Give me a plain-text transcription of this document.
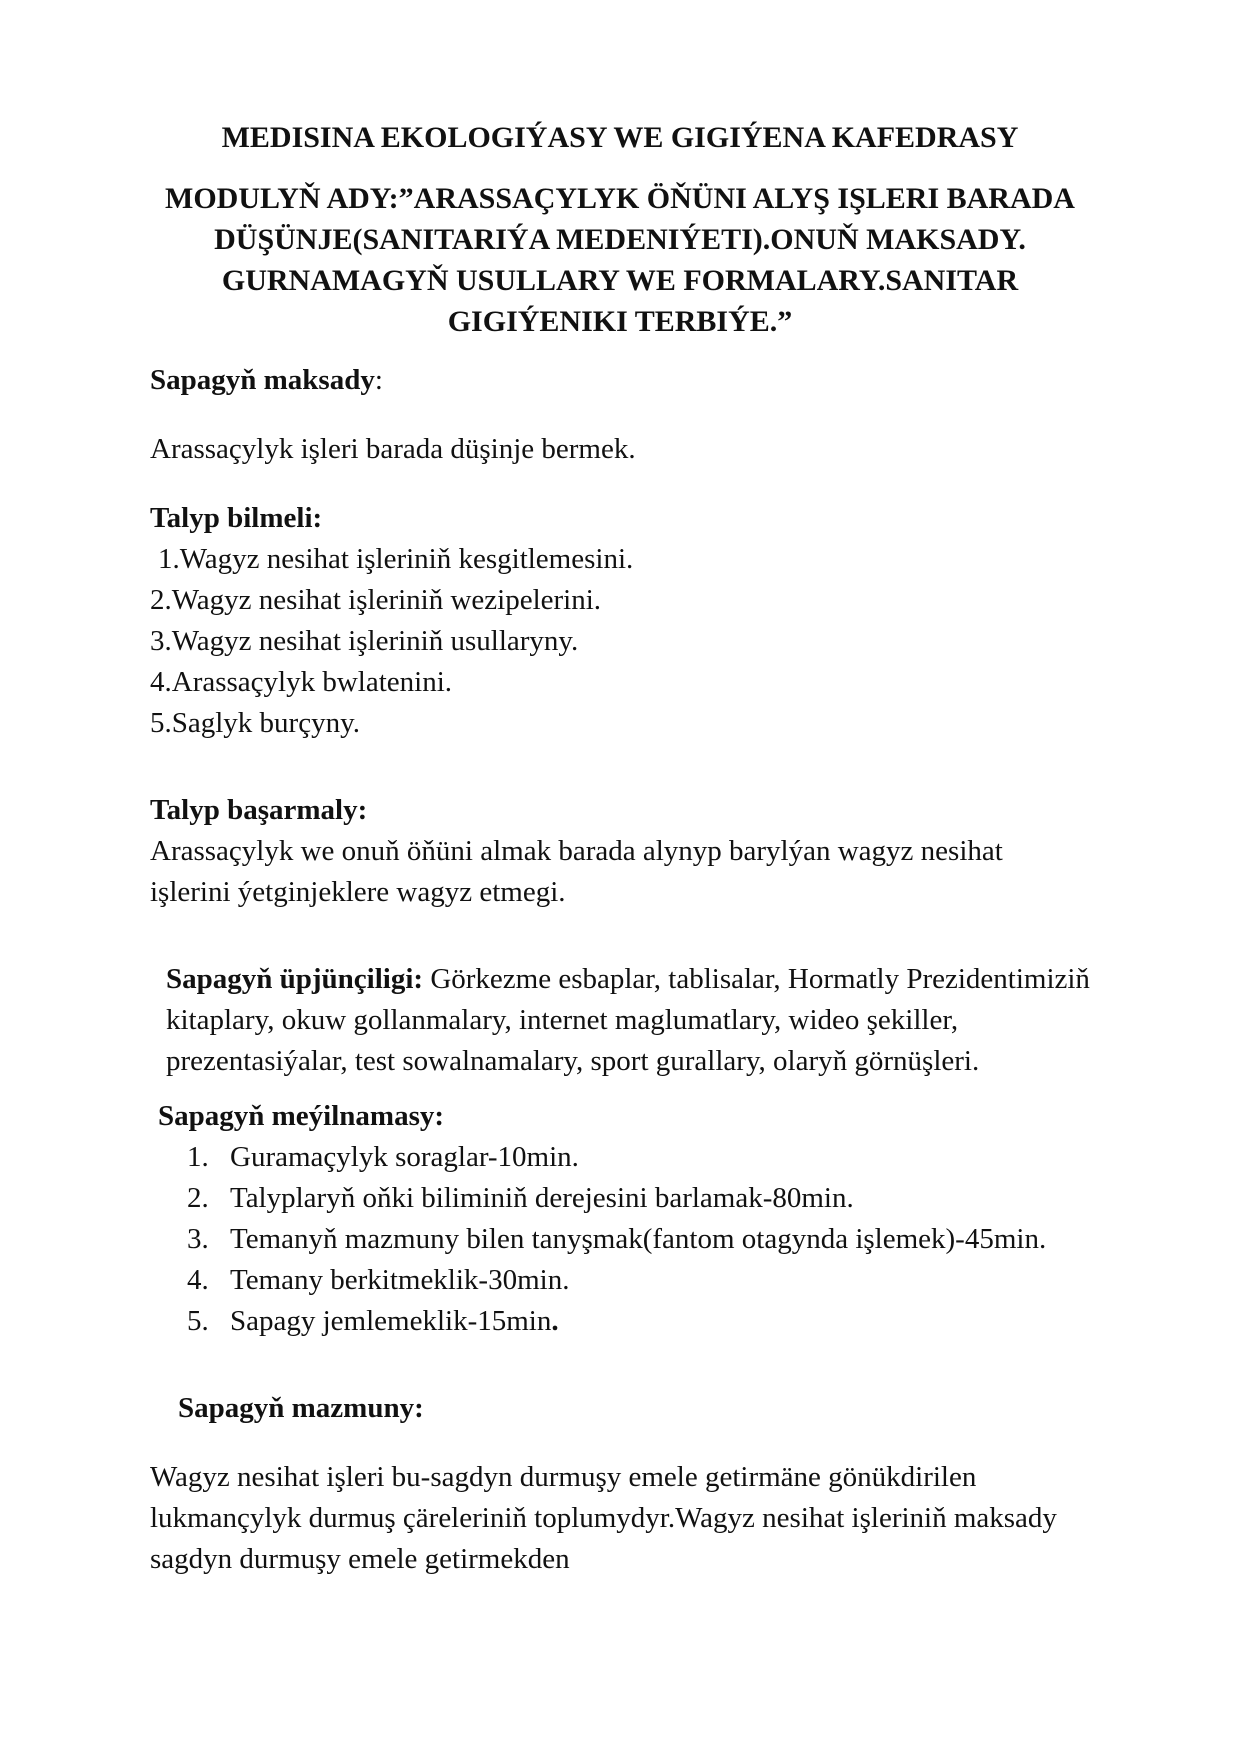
MEDISINA EKOLOGIÝASY WE GIGIÝENA KAFEDRASY
MODULYŇ ADY:”ARASSAÇYLYK ÖŇÜNI ALYŞ IŞLERI BARADA DÜŞÜNJE(SANITARIÝA MEDENIÝETI).ONUŇ MAKSADY. GURNAMAGYŇ USULLARY WE FORMALARY.SANITAR GIGIÝENIKI TERBIÝE.”

Sapagyň maksady:

Arassaçylyk işleri barada düşinje bermek.

Talyp bilmeli:

1.Wagyz nesihat işleriniň kesgitlemesini.
2.Wagyz nesihat işleriniň wezipelerini.
3.Wagyz nesihat işleriniň usullaryny.
4.Arassaçylyk bwlatenini.
5.Saglyk burçyny.

Talyp başarmaly:

Arassaçylyk we onuň öňüni almak barada alynyp barylýan wagyz nesihat işlerini ýetginjeklere wagyz etmegi.

Sapagyň üpjünçiligi: Görkezme esbaplar, tablisalar, Hormatly Prezidentimiziň kitaplary, okuw gollanmalary, internet maglumatlary, wideo şekiller, prezentasiýalar, test sowalnamalary, sport gurallary, olaryň görnüşleri.

Sapagyň meýilnamasy:

1. Guramaçylyk soraglar-10min.
2. Talyplaryň oňki biliminiň derejesini barlamak-80min.
3. Temanyň mazmuny bilen tanyşmak(fantom otagynda işlemek)-45min.
4. Temany berkitmeklik-30min.
5. Sapagy jemlemeklik-15min.

Sapagyň mazmuny:

Wagyz nesihat işleri bu-sagdyn durmuşy emele getirmäne gönükdirilen lukmançylyk durmuş çäreleriniň toplumydyr.Wagyz nesihat işleriniň maksady sagdyn durmuşy emele getirmekden
